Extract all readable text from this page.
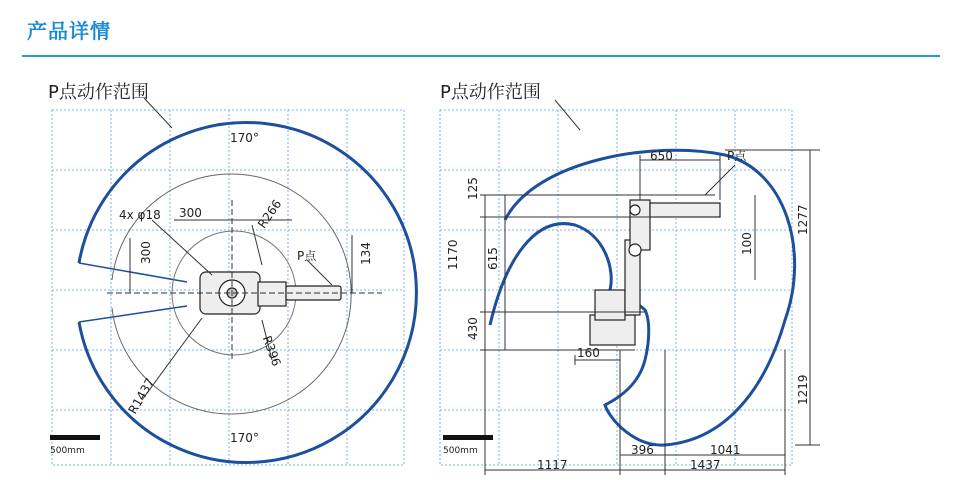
产品详情
P点动作范围
170°
170°
4x φ18 300
300
R266
R396
R1437
P点	134
500mm
P点动作范围
650	P点
125
1170 615
100
1277
430
160
1219
396	1041
1117	1437
500mm
